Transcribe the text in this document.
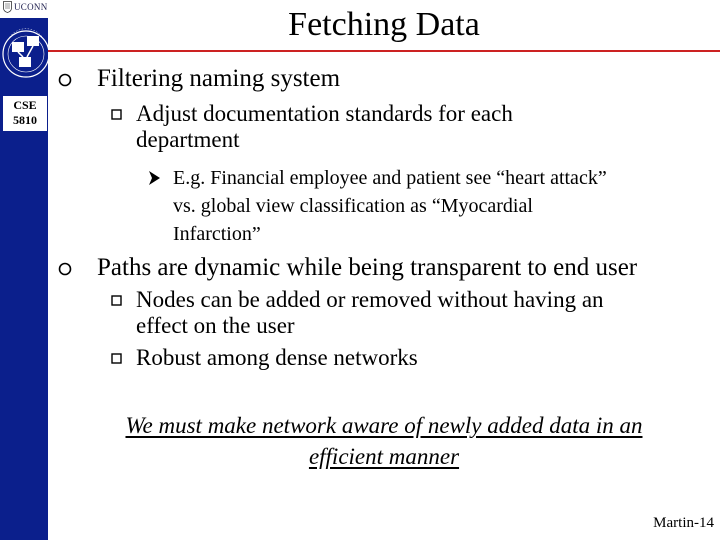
UCONN
CSE
5810
Fetching Data
Filtering naming system
Adjust documentation standards for each
department
E.g. Financial employee and patient see “heart attack”
vs. global view classification as “Myocardial
Infarction”
Paths are dynamic while being transparent to end user
Nodes can be added or removed without having an
effect on the user
Robust among dense networks
We must make network aware of newly added data in an
efficient manner
Martin-14
